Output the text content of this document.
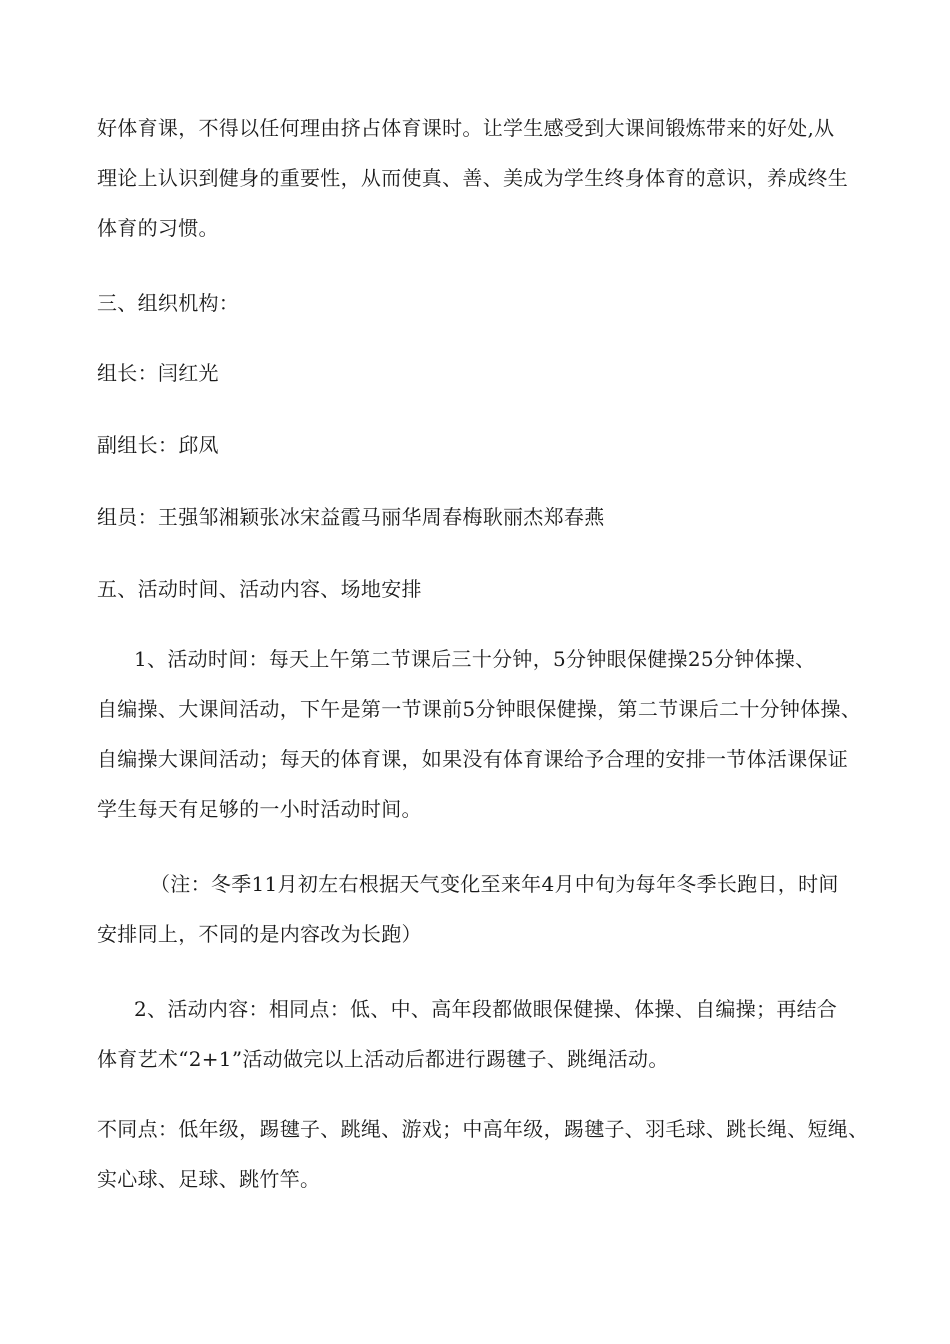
好体育课，不得以任何理由挤占体育课时。让学生感受到大课间锻炼带来的好处,从
理论上认识到健身的重要性，从而使真、善、美成为学生终身体育的意识，养成终生
体育的习惯。
三、组织机构：
组长：闫红光
副组长：邱凤
组员：王强邹湘颖张冰宋益霞马丽华周春梅耿丽杰郑春燕
五、活动时间、活动内容、场地安排
1、活动时间：每天上午第二节课后三十分钟，5分钟眼保健操25分钟体操、
自编操、大课间活动，下午是第一节课前5分钟眼保健操，第二节课后二十分钟体操、
自编操大课间活动；每天的体育课，如果没有体育课给予合理的安排一节体活课保证
学生每天有足够的一小时活动时间。
（注：冬季11月初左右根据天气变化至来年4月中旬为每年冬季长跑日，时间
安排同上，不同的是内容改为长跑）
2、活动内容：相同点：低、中、高年段都做眼保健操、体操、自编操；再结合
体育艺术“2+1”活动做完以上活动后都进行踢毽子、跳绳活动。
不同点：低年级，踢毽子、跳绳、游戏；中高年级，踢毽子、羽毛球、跳长绳、短绳、
实心球、足球、跳竹竿。
